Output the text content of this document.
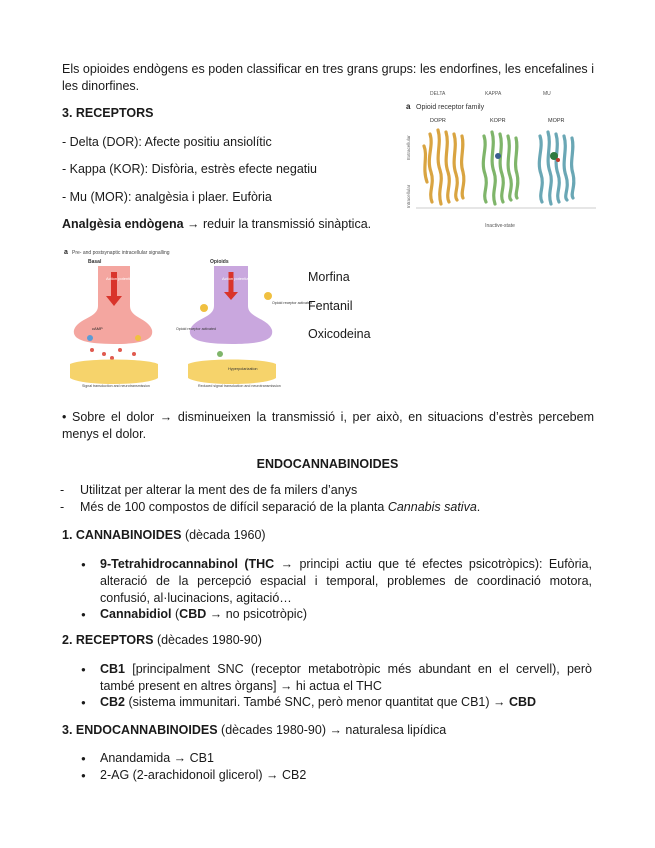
Els opioides endògens es poden classificar en tres grans grups: les endorfines, les encefalines i les dinorfines.

3. RECEPTORS

- Delta (DOR): Afecte positiu ansiolític

- Kappa (KOR): Disfòria, estrès efecte negatiu

- Mu (MOR): analgèsia i plaer. Eufòria

Analgèsia endògena → reduir la transmissió sinàptica.

DELTA	KAPPA	MU
a Opioid receptor family
DOPR	KOPR	MOPR
Extracellular
Intracellular
Inactive-state
a Pre- and postsynaptic intracellular signalling
Basal	Opioids
Action potential
cAMP
Signal transduction and neurotransmission
Action potential
Opioid receptor activated
Opioid receptor activated
Hyperpolarization
Reduced signal transduction and neurotransmission

Morfina

Fentanil

Oxicodeina

• Sobre el dolor → disminueixen la transmissió i, per això, en situacions d’estrès percebem menys el dolor.

ENDOCANNABINOIDES

- Utilitzat per alterar la ment des de fa milers d’anys

- Més de 100 compostos de difícil separació de la planta Cannabis sativa.

1. CANNABINOIDES (dècada 1960)

● 9-Tetrahidrocannabinol (THC → principi actiu que té efectes psicotròpics): Eufòria, alteració de la percepció espacial i temporal, problemes de coordinació motora, confusió, al·lucinacions, agitació…

● Cannabidiol (CBD → no psicotròpic)

2. RECEPTORS (dècades 1980-90)

● CB1 [principalment SNC (receptor metabotròpic més abundant en el cervell), però també present en altres òrgans] → hi actua el THC

● CB2 (sistema immunitari. També SNC, però menor quantitat que CB1) → CBD

3. ENDOCANNABINOIDES (dècades 1980-90) → naturalesa lipídica

● Anandamida → CB1

● 2-AG (2-arachidonoil glicerol) → CB2
